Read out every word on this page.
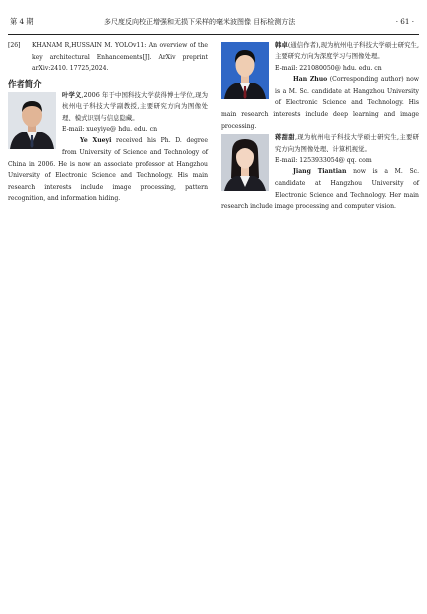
第 4 期	多尺度反向校正增强和无损下采样的毫米波图像 目标检测方法	· 61 ·
[26] KHANAM R,HUSSAIN M. YOLOv11: An overview of the key architectural Enhancements[J]. ArXiv preprint arXiv:2410. 17725,2024.
作者简介
叶学义,2006 年于中国科技大学获得博士学位,现为杭州电子科技大学副教授,主要研究方向为图像处理、模式识别与信息隐藏。
E-mail: xueyiye@ hdu. edu. cn
Ye Xueyi received his Ph. D. degree from University of Science and Technology of China in 2006. He is now an associate professor at Hangzhou University of Electronic Science and Technology. His main research interests include image processing, pattern recognition, and information hiding.
韩卓(通信作者),现为杭州电子科技大学硕士研究生,主要研究方向为深度学习与图像处理。
E-mail: 221080050@ hdu. edu. cn
Han Zhuo (Corresponding author) now is a M. Sc. candidate at Hangzhou University of Electronic Science and Technology. His main research interests include deep learning and image processing.
蒋甜甜,现为杭州电子科技大学硕士研究生,主要研究方向为图像处理、计算机视觉。
E-mail: 1253933054@ qq. com
Jiang Tiantian now is a M. Sc. candidate at Hangzhou University of Electronic Science and Technology. Her main research include image processing and computer vision.
